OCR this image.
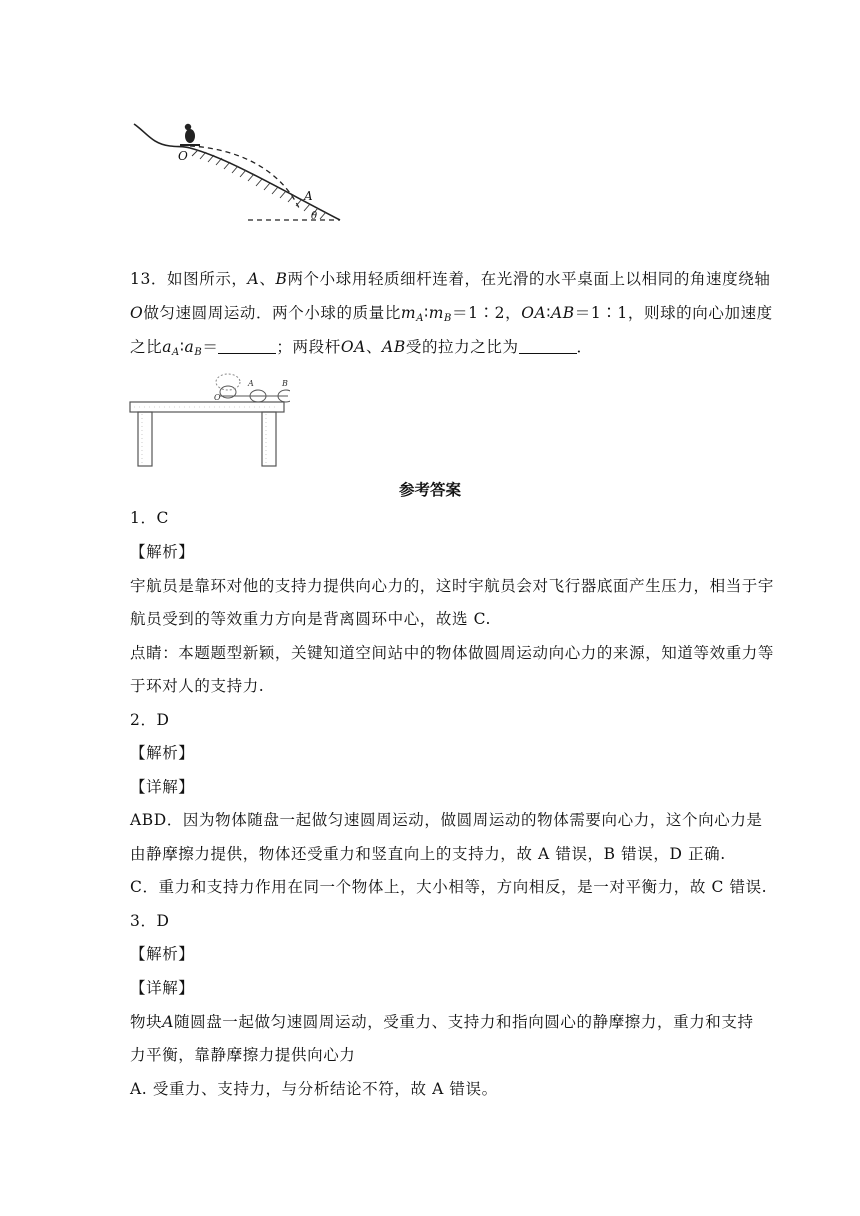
O
A
θ
13．如图所示，A、B两个小球用轻质细杆连着，在光滑的水平桌面上以相同的角速度绕轴
O做匀速圆周运动．两个小球的质量比$m_A∶m_B=1∶2$，OA∶AB＝1∶1，则球的向心加速度
之比$a_A∶a_B=$	；两段杆OA、AB受的拉力之比为	．
O
A	B
参考答案
1．C
【解析】
宇航员是靠环对他的支持力提供向心力的，这时宇航员会对飞行器底面产生压力，相当于宇
航员受到的等效重力方向是背离圆环中心，故选 C.
点睛：本题题型新颖，关键知道空间站中的物体做圆周运动向心力的来源，知道等效重力等
于环对人的支持力.
2．D
【解析】
【详解】
ABD．因为物体随盘一起做匀速圆周运动，做圆周运动的物体需要向心力，这个向心力是
由静摩擦力提供，物体还受重力和竖直向上的支持力，故 A 错误，B 错误，D 正确.
C．重力和支持力作用在同一个物体上，大小相等，方向相反，是一对平衡力，故 C 错误.
3．D
【解析】
【详解】
物块A随圆盘一起做匀速圆周运动，受重力、支持力和指向圆心的静摩擦力，重力和支持
力平衡，靠静摩擦力提供向心力
A. 受重力、支持力，与分析结论不符，故 A 错误。
